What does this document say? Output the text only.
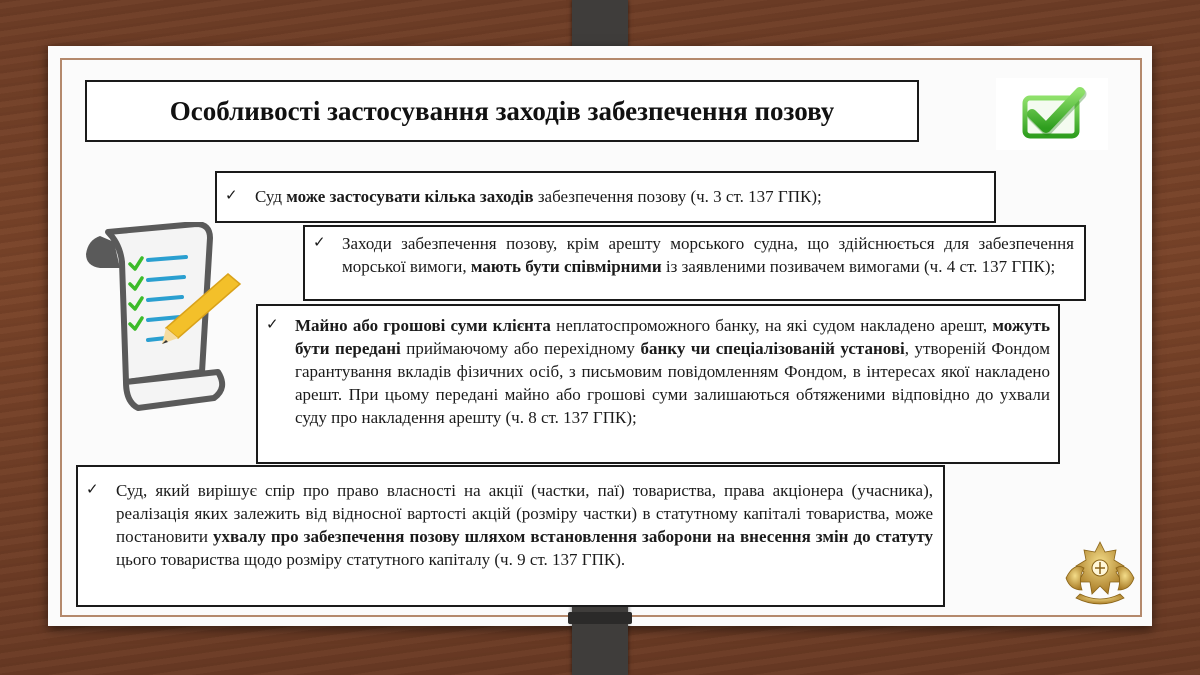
Особливості застосування заходів забезпечення позову
✓ Суд може застосувати кілька заходів забезпечення позову (ч. 3 ст. 137 ГПК);
✓ Заходи забезпечення позову, крім арешту морського судна, що здійснюється для забезпечення морської вимоги, мають бути співмірними із заявленими позивачем вимогами (ч. 4 ст. 137 ГПК);
✓ Майно або грошові суми клієнта неплатоспроможного банку, на які судом накладено арешт, можуть бути передані приймаючому або перехідному банку чи спеціалізованій установі, утвореній Фондом гарантування вкладів фізичних осіб, з письмовим повідомленням Фондом, в інтересах якої накладено арешт. При цьому передані майно або грошові суми залишаються обтяженими відповідно до ухвали суду про накладення арешту (ч. 8 ст. 137 ГПК);
✓ Суд, який вирішує спір про право власності на акції (частки, паї) товариства, права акціонера (учасника), реалізація яких залежить від відносної вартості акцій (розміру частки) в статутному капіталі товариства, може постановити ухвалу про забезпечення позову шляхом встановлення заборони на внесення змін до статуту цього товариства щодо розміру статутного капіталу (ч. 9 ст. 137 ГПК).
